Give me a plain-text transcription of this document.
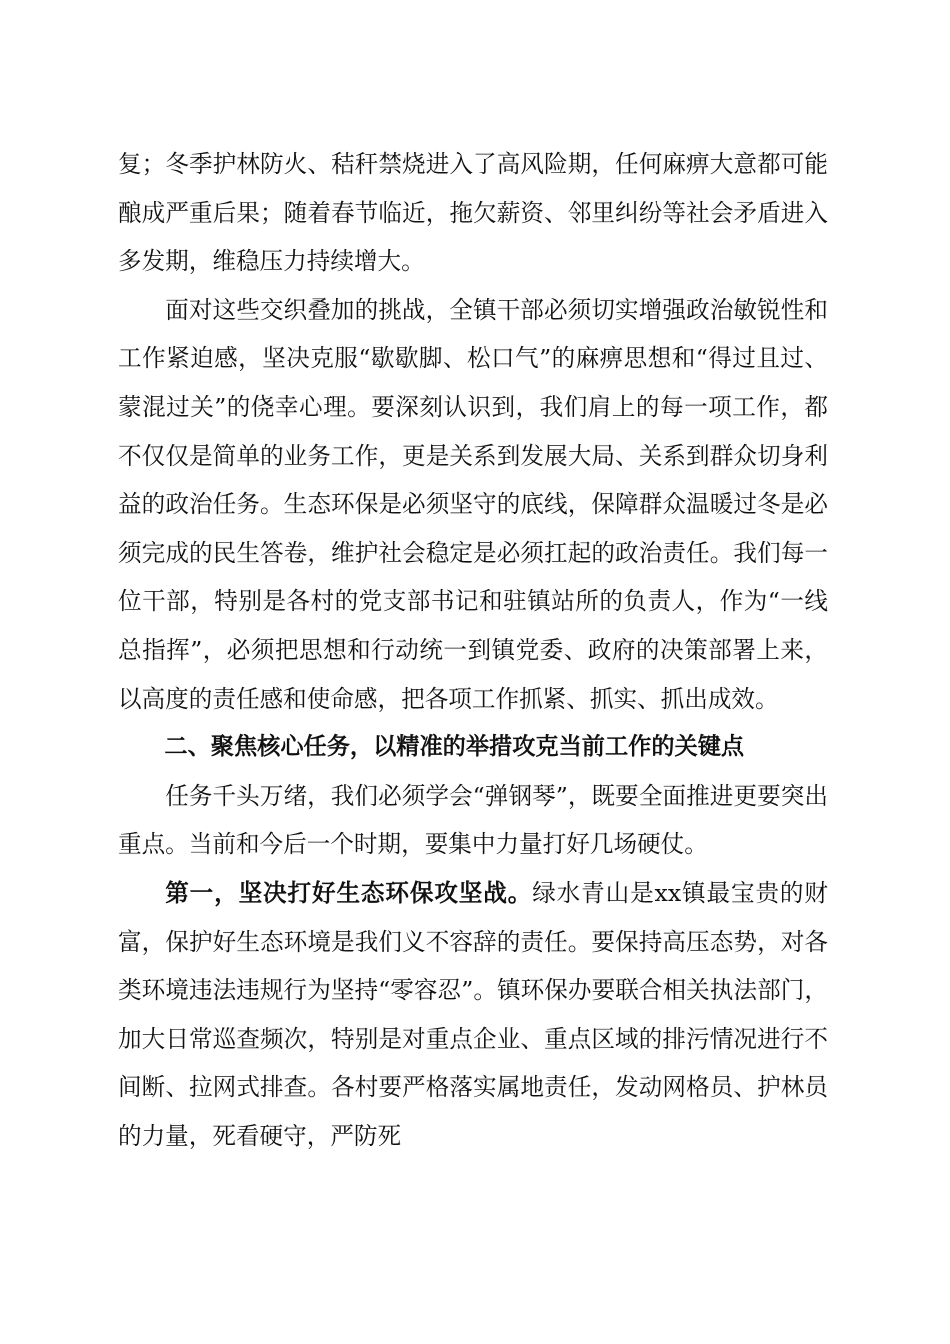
复；冬季护林防火、秸秆禁烧进入了高风险期，任何麻痹大意都可能酿成严重后果；随着春节临近，拖欠薪资、邻里纠纷等社会矛盾进入多发期，维稳压力持续增大。

面对这些交织叠加的挑战，全镇干部必须切实增强政治敏锐性和工作紧迫感，坚决克服“歇歇脚、松口气”的麻痹思想和“得过且过、蒙混过关”的侥幸心理。要深刻认识到，我们肩上的每一项工作，都不仅仅是简单的业务工作，更是关系到发展大局、关系到群众切身利益的政治任务。生态环保是必须坚守的底线，保障群众温暖过冬是必须完成的民生答卷，维护社会稳定是必须扛起的政治责任。我们每一位干部，特别是各村的党支部书记和驻镇站所的负责人，作为“一线总指挥”，必须把思想和行动统一到镇党委、政府的决策部署上来，以高度的责任感和使命感，把各项工作抓紧、抓实、抓出成效。

二、聚焦核心任务，以精准的举措攻克当前工作的关键点

任务千头万绪，我们必须学会“弹钢琴”，既要全面推进更要突出重点。当前和今后一个时期，要集中力量打好几场硬仗。

第一，坚决打好生态环保攻坚战。绿水青山是xx镇最宝贵的财富，保护好生态环境是我们义不容辞的责任。要保持高压态势，对各类环境违法违规行为坚持“零容忍”。镇环保办要联合相关执法部门，加大日常巡查频次，特别是对重点企业、重点区域的排污情况进行不间断、拉网式排查。各村要严格落实属地责任，发动网格员、护林员的力量，死看硬守，严防死
